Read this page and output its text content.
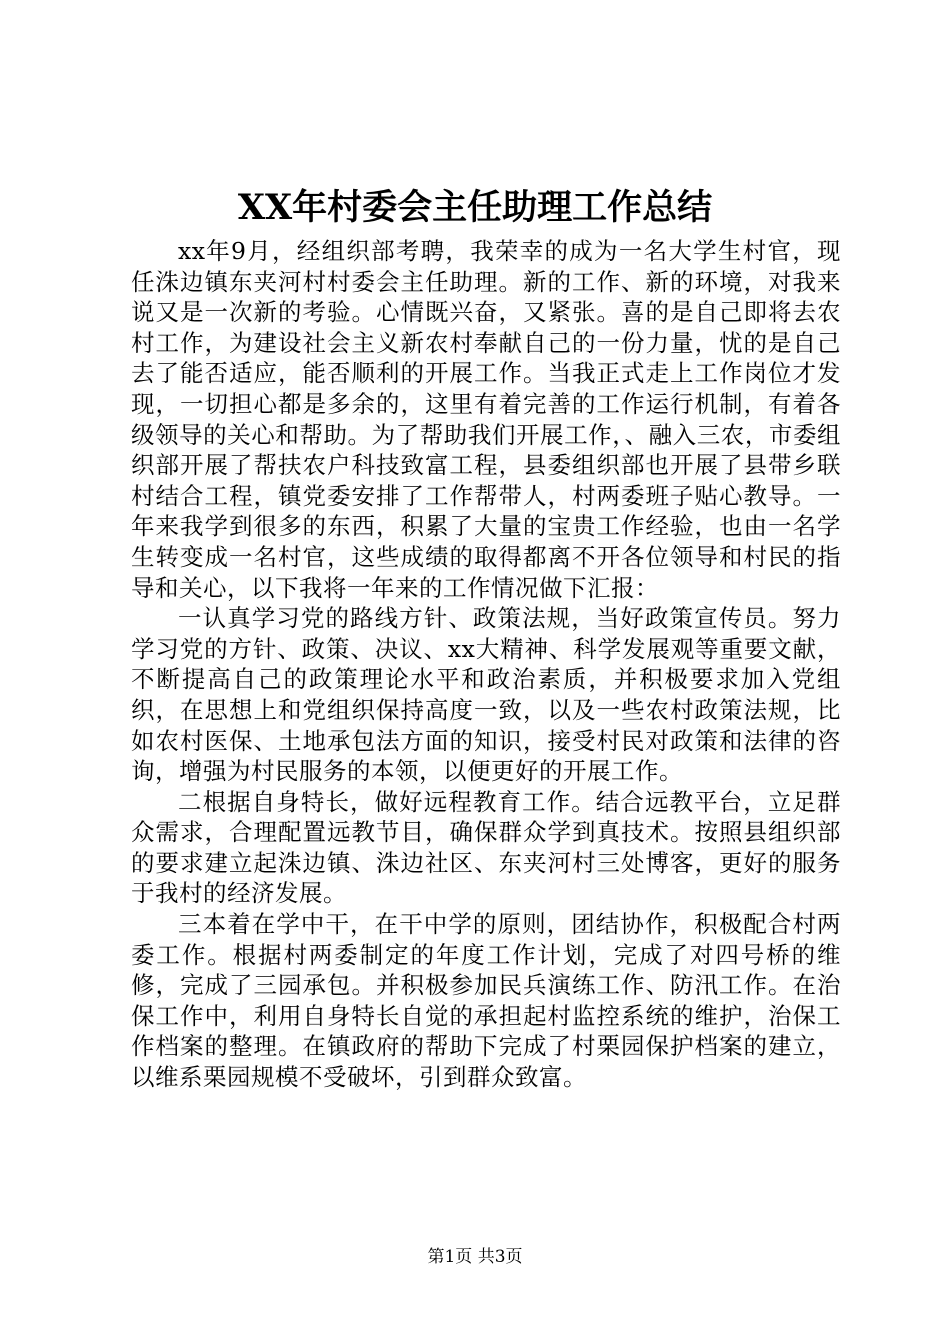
XX年村委会主任助理工作总结

xx年9月，经组织部考聘，我荣幸的成为一名大学生村官，现任洙边镇东夹河村村委会主任助理。新的工作、新的环境，对我来说又是一次新的考验。心情既兴奋，又紧张。喜的是自己即将去农村工作，为建设社会主义新农村奉献自己的一份力量，忧的是自己去了能否适应，能否顺利的开展工作。当我正式走上工作岗位才发现，一切担心都是多余的，这里有着完善的工作运行机制，有着各级领导的关心和帮助。为了帮助我们开展工作，、融入三农，市委组织部开展了帮扶农户科技致富工程，县委组织部也开展了县带乡联村结合工程，镇党委安排了工作帮带人，村两委班子贴心教导。一年来我学到很多的东西，积累了大量的宝贵工作经验，也由一名学生转变成一名村官，这些成绩的取得都离不开各位领导和村民的指导和关心，以下我将一年来的工作情况做下汇报：

一认真学习党的路线方针、政策法规，当好政策宣传员。努力学习党的方针、政策、决议、xx大精神、科学发展观等重要文献，不断提高自己的政策理论水平和政治素质，并积极要求加入党组织，在思想上和党组织保持高度一致，以及一些农村政策法规，比如农村医保、土地承包法方面的知识，接受村民对政策和法律的咨询，增强为村民服务的本领，以便更好的开展工作。

二根据自身特长，做好远程教育工作。结合远教平台，立足群众需求，合理配置远教节目，确保群众学到真技术。按照县组织部的要求建立起洙边镇、洙边社区、东夹河村三处博客，更好的服务于我村的经济发展。

三本着在学中干，在干中学的原则，团结协作，积极配合村两委工作。根据村两委制定的年度工作计划，完成了对四号桥的维修，完成了三园承包。并积极参加民兵演练工作、防汛工作。在治保工作中，利用自身特长自觉的承担起村监控系统的维护，治保工作档案的整理。在镇政府的帮助下完成了村栗园保护档案的建立，以维系栗园规模不受破坏，引到群众致富。

第1页 共3页
